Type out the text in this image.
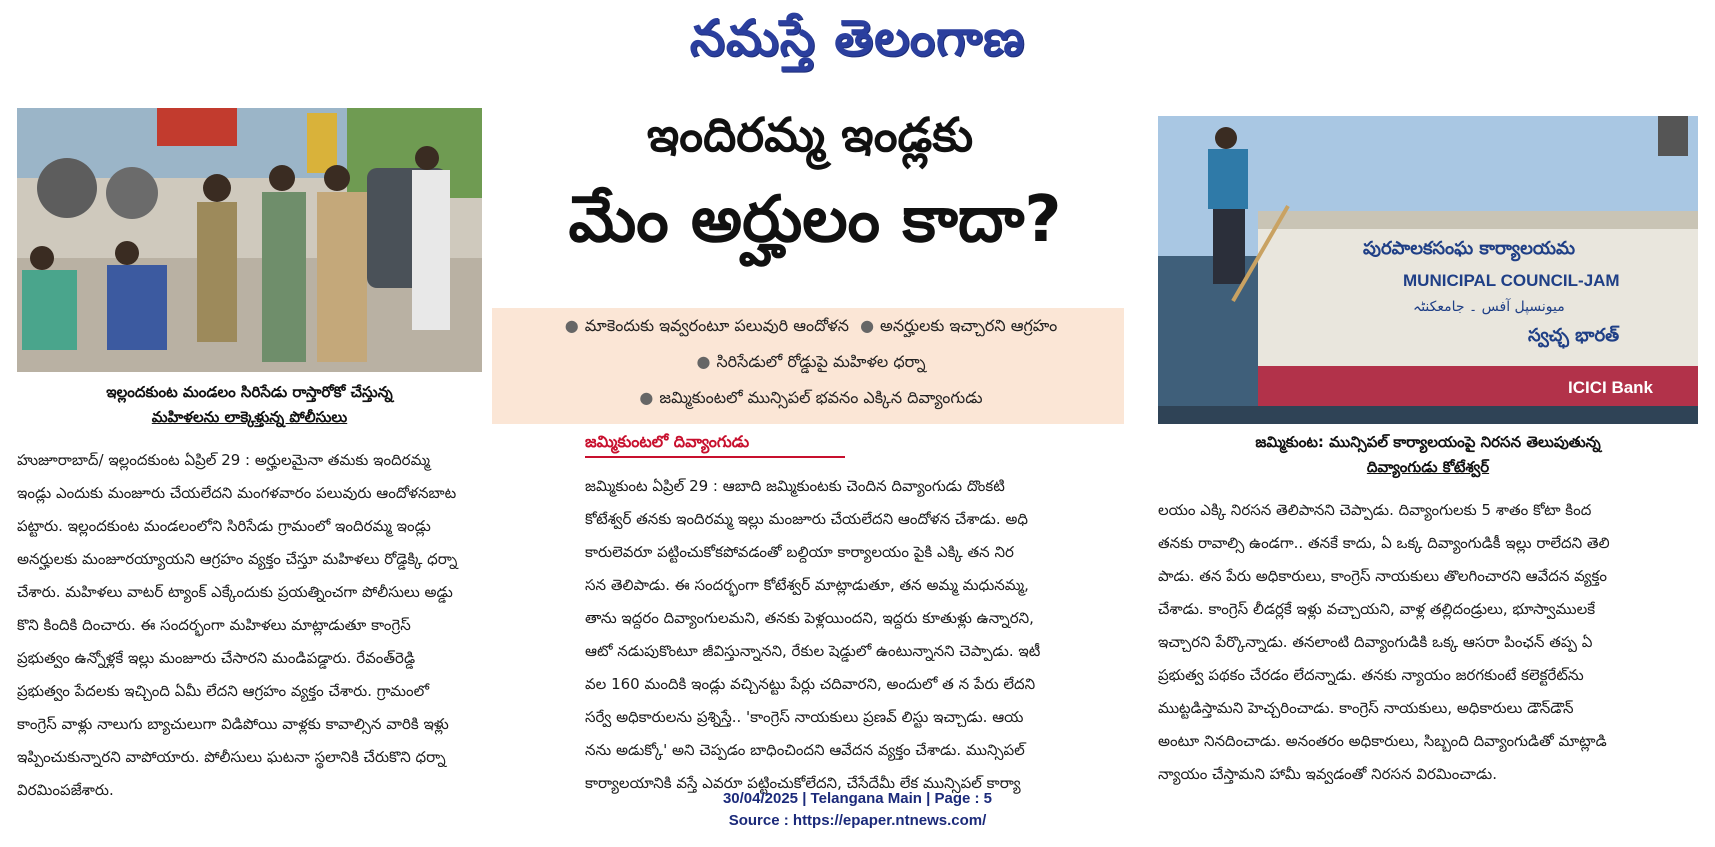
నమస్తే తెలంగాణ
ఇల్లందకుంట మండలం సిరిసేడు రాస్తారోకో చేస్తున్న
మహిళలను లాక్కెళ్తున్న పోలీసులు
ఇందిరమ్మ ఇండ్లకు
మేం అర్హులం కాదా?
● మాకెందుకు ఇవ్వరంటూ పలువురి ఆందోళన ● అనర్హులకు ఇచ్చారని ఆగ్రహం
● సిరిసేడులో రోడ్డుపై మహిళల ధర్నా
● జమ్మికుంటలో మున్సిపల్ భవనం ఎక్కిన దివ్యాంగుడు
పురపాలకసంఘ కార్యాలయమ
MUNICIPAL COUNCIL-JAM
میونسپل آفس ۔ جامعکنٹہ
స్వచ్ఛ భారత్
ICICI Bank
జమ్మికుంట: మున్సిపల్ కార్యాలయంపై నిరసన తెలుపుతున్న
దివ్యాంగుడు కోటేశ్వర్
జమ్మికుంటలో దివ్యాంగుడు

హుజూరాబాద్/ ఇల్లందకుంట ఏప్రిల్ 29 : అర్హులమైనా తమకు ఇందిరమ్మ

ఇండ్లు ఎందుకు మంజూరు చేయలేదని మంగళవారం పలువురు ఆందోళనబాట

పట్టారు. ఇల్లందకుంట మండలంలోని సిరిసేడు గ్రామంలో ఇందిరమ్మ ఇండ్లు

అనర్హులకు మంజూరయ్యాయని ఆగ్రహం వ్యక్తం చేస్తూ మహిళలు రోడ్డెక్కి ధర్నా

చేశారు. మహిళలు వాటర్ ట్యాంక్ ఎక్కేందుకు ప్రయత్నించగా పోలీసులు అడ్డు

కొని కిందికి దించారు. ఈ సందర్భంగా మహిళలు మాట్లాడుతూ కాంగ్రెస్

ప్రభుత్వం ఉన్నోళ్లకే ఇల్లు మంజూరు చేసారని మండిపడ్డారు. రేవంత్‌రెడ్డి

ప్రభుత్వం పేదలకు ఇచ్చింది ఏమీ లేదని ఆగ్రహం వ్యక్తం చేశారు. గ్రామంలో

కాంగ్రెస్ వాళ్లు నాలుగు బ్యాచులుగా విడిపోయి వాళ్లకు కావాల్సిన వారికి ఇళ్లు

ఇప్పించుకున్నారని వాపోయారు. పోలీసులు ఘటనా స్థలానికి చేరుకొని ధర్నా

విరమింపజేశారు.

జమ్మికుంట ఏప్రిల్ 29 : ఆబాది జమ్మికుంటకు చెందిన దివ్యాంగుడు దొంకటి

కోటేశ్వర్ తనకు ఇందిరమ్మ ఇల్లు మంజూరు చేయలేదని ఆందోళన చేశాడు. అధి

కారులెవరూ పట్టించుకోకపోవడంతో బల్దియా కార్యాలయం పైకి ఎక్కి తన నిర

సన తెలిపాడు. ఈ సందర్భంగా కోటేశ్వర్ మాట్లాడుతూ, తన అమ్మ మధునమ్మ,

తాను ఇద్దరం దివ్యాంగులమని, తనకు పెళ్లయిందని, ఇద్దరు కూతుళ్లు ఉన్నారని,

ఆటో నడుపుకొంటూ జీవిస్తున్నానని, రేకుల షెడ్డులో ఉంటున్నానని చెప్పాడు. ఇటీ

వల 160 మందికి ఇండ్లు వచ్చినట్టు పేర్లు చదివారని, అందులో త న పేరు లేదని

సర్వే అధికారులను ప్రశ్నిస్తే.. 'కాంగ్రెస్ నాయకులు ప్రణవ్ లిస్టు ఇచ్చాడు. ఆయ

నను అడుక్కో' అని చెప్పడం బాధించిందని ఆవేదన వ్యక్తం చేశాడు. మున్సిపల్

కార్యాలయానికి వస్తే ఎవరూ పట్టించుకోలేదని, చేసేదేమీ లేక మున్సిపల్ కార్యా

లయం ఎక్కి నిరసన తెలిపానని చెప్పాడు. దివ్యాంగులకు 5 శాతం కోటా కింద

తనకు రావాల్సి ఉండగా.. తనకే కాదు, ఏ ఒక్క దివ్యాంగుడికీ ఇల్లు రాలేదని తెలి

పాడు. తన పేరు అధికారులు, కాంగ్రెస్ నాయకులు తొలగించారని ఆవేదన వ్యక్తం

చేశాడు. కాంగ్రెస్ లీడర్లకే ఇళ్లు వచ్చాయని, వాళ్ల తల్లిదండ్రులు, భూస్వాములకే

ఇచ్చారని పేర్కొన్నాడు. తనలాంటి దివ్యాంగుడికి ఒక్క ఆసరా పింఛన్ తప్ప ఏ

ప్రభుత్వ పథకం చేరడం లేదన్నాడు. తనకు న్యాయం జరగకుంటే కలెక్టరేట్‌ను

ముట్టడిస్తామని హెచ్చరించాడు. కాంగ్రెస్ నాయకులు, అధికారులు డౌన్‌డౌన్

అంటూ నినదించాడు. అనంతరం అధికారులు, సిబ్బంది దివ్యాంగుడితో మాట్లాడి

న్యాయం చేస్తామని హామీ ఇవ్వడంతో నిరసన విరమించాడు.

30/04/2025 | Telangana Main | Page : 5
Source : https://epaper.ntnews.com/
